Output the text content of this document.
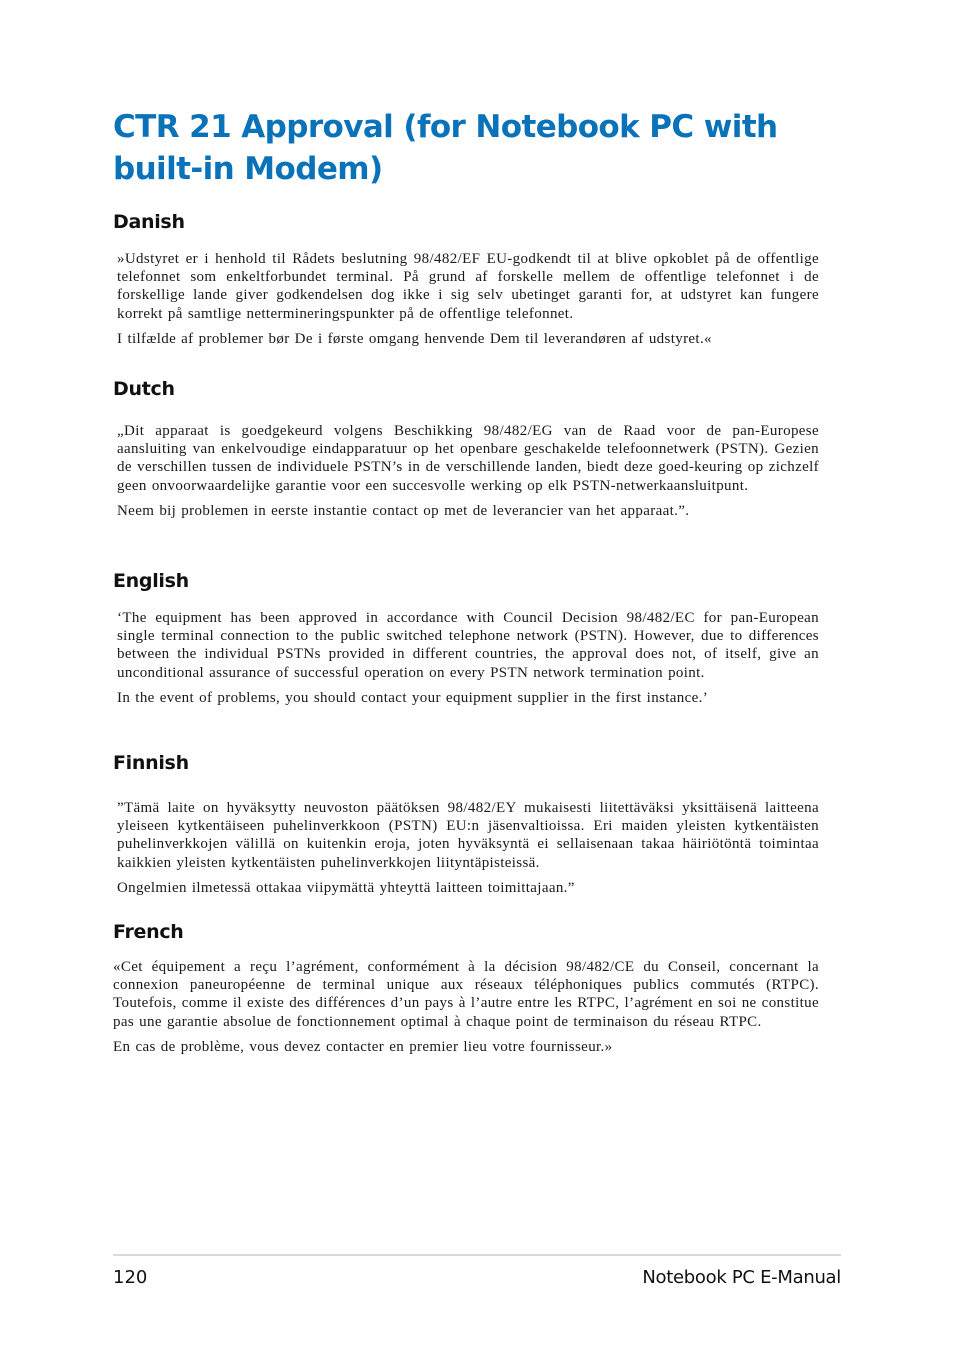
CTR 21 Approval (for Notebook PC with built-in Modem)
Danish

»Udstyret er i henhold til Rådets beslutning 98/482/EF EU-godkendt til at blive opkoblet på de offentlige telefonnet som enkeltforbundet terminal. På grund af forskelle mellem de offentlige telefonnet i de forskellige lande giver godkendelsen dog ikke i sig selv ubetinget garanti for, at udstyret kan fungere korrekt på samtlige nettermineringspunkter på de offentlige telefonnet.

I tilfælde af problemer bør De i første omgang henvende Dem til leverandøren af udstyret.«

Dutch

„Dit apparaat is goedgekeurd volgens Beschikking 98/482/EG van de Raad voor de pan-Europese aansluiting van enkelvoudige eindapparatuur op het openbare geschakelde telefoonnetwerk (PSTN). Gezien de verschillen tussen de individuele PSTN’s in de verschillende landen, biedt deze goed-keuring op zichzelf geen onvoorwaardelijke garantie voor een succesvolle werking op elk PSTN-netwerkaansluitpunt.

Neem bij problemen in eerste instantie contact op met de leverancier van het apparaat.”.

English

‘The equipment has been approved in accordance with Council Decision 98/482/EC for pan-European single terminal connection to the public switched telephone network (PSTN). However, due to differences between the individual PSTNs provided in different countries, the approval does not, of itself, give an unconditional assurance of successful operation on every PSTN network termination point.

In the event of problems, you should contact your equipment supplier in the first instance.’

Finnish

”Tämä laite on hyväksytty neuvoston päätöksen 98/482/EY mukaisesti liitettäväksi yksittäisenä laitteena yleiseen kytkentäiseen puhelinverkkoon (PSTN) EU:n jäsenvaltioissa. Eri maiden yleisten kytkentäisten puhelinverkkojen välillä on kuitenkin eroja, joten hyväksyntä ei sellaisenaan takaa häiriötöntä toimintaa kaikkien yleisten kytkentäisten puhelinverkkojen liityntäpisteissä.

Ongelmien ilmetessä ottakaa viipymättä yhteyttä laitteen toimittajaan.”

French

«Cet équipement a reçu l’agrément, conformément à la décision 98/482/CE du Conseil, concernant la connexion paneuropéenne de terminal unique aux réseaux téléphoniques publics commutés (RTPC). Toutefois, comme il existe des différences d’un pays à l’autre entre les RTPC, l’agrément en soi ne constitue pas une garantie absolue de fonctionnement optimal à chaque point de terminaison du réseau RTPC.

En cas de problème, vous devez contacter en premier lieu votre fournisseur.»

120	Notebook PC E-Manual
